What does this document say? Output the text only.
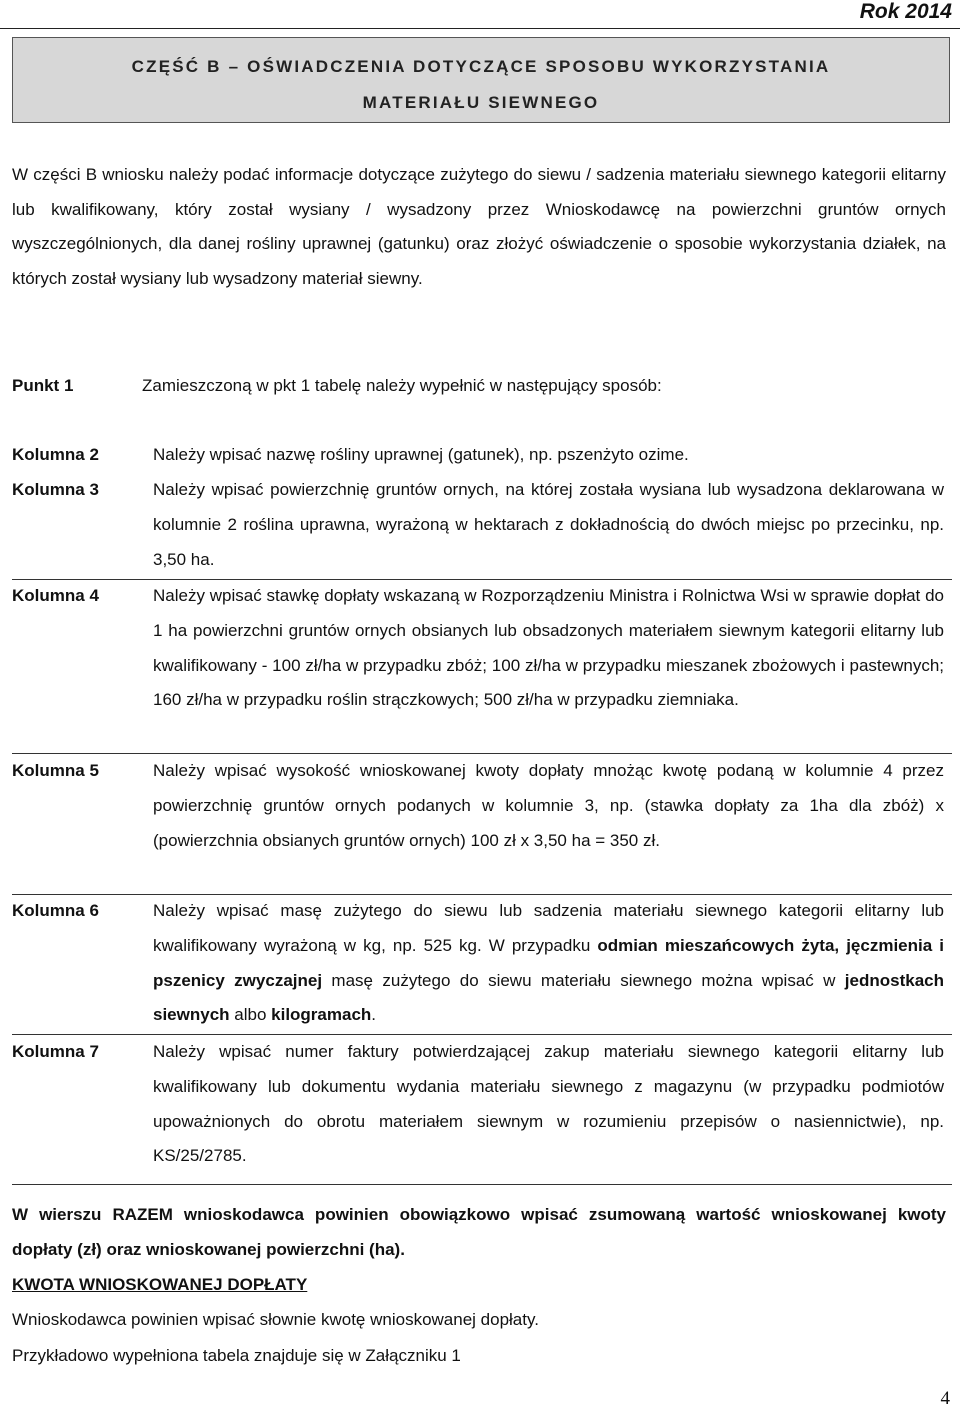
Rok 2014
CZĘŚĆ B – OŚWIADCZENIA DOTYCZĄCE SPOSOBU WYKORZYSTANIA
MATERIAŁU SIEWNEGO

W części B wniosku należy podać informacje dotyczące zużytego do siewu / sadzenia materiału siewnego kategorii elitarny lub kwalifikowany, który został wysiany / wysadzony przez Wnioskodawcę na powierzchni gruntów ornych wyszczególnionych, dla danej rośliny uprawnej (gatunku) oraz złożyć oświadczenie o sposobie wykorzystania działek, na których został wysiany lub wysadzony materiał siewny.

Punkt 1	Zamieszczoną w pkt 1 tabelę należy wypełnić w następujący sposób:
Kolumna 2	Należy wpisać nazwę rośliny uprawnej (gatunek), np. pszenżyto ozime.

Kolumna 3	Należy wpisać powierzchnię gruntów ornych, na której została wysiana lub wysadzona deklarowana w kolumnie 2 roślina uprawna, wyrażoną w hektarach z dokładnością do dwóch miejsc po przecinku, np. 3,50 ha.

Kolumna 4	Należy wpisać stawkę dopłaty wskazaną w Rozporządzeniu Ministra i Rolnictwa Wsi w sprawie dopłat do 1 ha powierzchni gruntów ornych obsianych lub obsadzonych materiałem siewnym kategorii elitarny lub kwalifikowany - 100 zł/ha w przypadku zbóż; 100 zł/ha w przypadku mieszanek zbożowych i pastewnych; 160 zł/ha w przypadku roślin strączkowych; 500 zł/ha w przypadku ziemniaka.

Kolumna 5	Należy wpisać wysokość wnioskowanej kwoty dopłaty mnożąc kwotę podaną w kolumnie 4 przez powierzchnię gruntów ornych podanych w kolumnie 3, np. (stawka dopłaty za 1ha dla zbóż) x (powierzchnia obsianych gruntów ornych) 100 zł x 3,50 ha = 350 zł.

Kolumna 6	Należy wpisać masę zużytego do siewu lub sadzenia materiału siewnego kategorii elitarny lub kwalifikowany wyrażoną w kg, np. 525 kg. W przypadku odmian mieszańcowych żyta, jęczmienia i pszenicy zwyczajnej masę zużytego do siewu materiału siewnego można wpisać w jednostkach siewnych albo kilogramach.

Kolumna 7	Należy wpisać numer faktury potwierdzającej zakup materiału siewnego kategorii elitarny lub kwalifikowany lub dokumentu wydania materiału siewnego z magazynu (w przypadku podmiotów upoważnionych do obrotu materiałem siewnym w rozumieniu przepisów o nasiennictwie), np. KS/25/2785.

W wierszu RAZEM wnioskodawca powinien obowiązkowo wpisać zsumowaną wartość wnioskowanej kwoty dopłaty (zł) oraz wnioskowanej powierzchni (ha).

KWOTA WNIOSKOWANEJ DOPŁATY
Wnioskodawca powinien wpisać słownie kwotę wnioskowanej dopłaty.
Przykładowo wypełniona tabela znajduje się w Załączniku 1
4
